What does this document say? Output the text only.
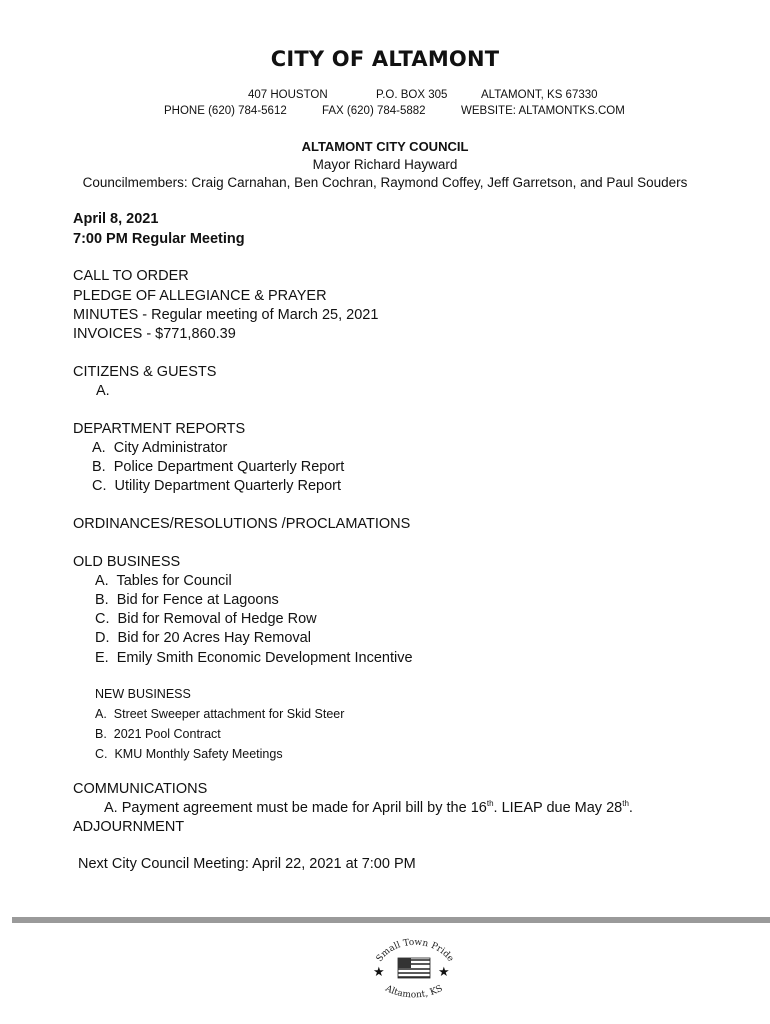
CITY OF ALTAMONT
407 HOUSTON	P.O. BOX 305	ALTAMONT, KS 67330
PHONE (620) 784-5612	FAX (620) 784-5882	WEBSITE: ALTAMONTKS.COM
ALTAMONT CITY COUNCIL
Mayor Richard Hayward
Councilmembers: Craig Carnahan, Ben Cochran, Raymond Coffey, Jeff Garretson, and Paul Souders
April 8, 2021
7:00 PM Regular Meeting
CALL TO ORDER
PLEDGE OF ALLEGIANCE & PRAYER
MINUTES - Regular meeting of March 25, 2021
INVOICES - $771,860.39
CITIZENS & GUESTS
A.
DEPARTMENT REPORTS
A.  City Administrator
B.  Police Department Quarterly Report
C.  Utility Department Quarterly Report
ORDINANCES/RESOLUTIONS /PROCLAMATIONS
OLD BUSINESS
A.  Tables for Council
B.  Bid for Fence at Lagoons
C.  Bid for Removal of Hedge Row
D.  Bid for 20 Acres Hay Removal
E.  Emily Smith Economic Development Incentive
NEW BUSINESS
A.  Street Sweeper attachment for Skid Steer
B.  2021 Pool Contract
C.  KMU Monthly Safety Meetings
COMMUNICATIONS
A. Payment agreement must be made for April bill by the 16th. LIEAP due May 28th.
ADJOURNMENT
Next City Council Meeting: April 22, 2021 at 7:00 PM
Small Town Pride
Altamont, KS
★	★
